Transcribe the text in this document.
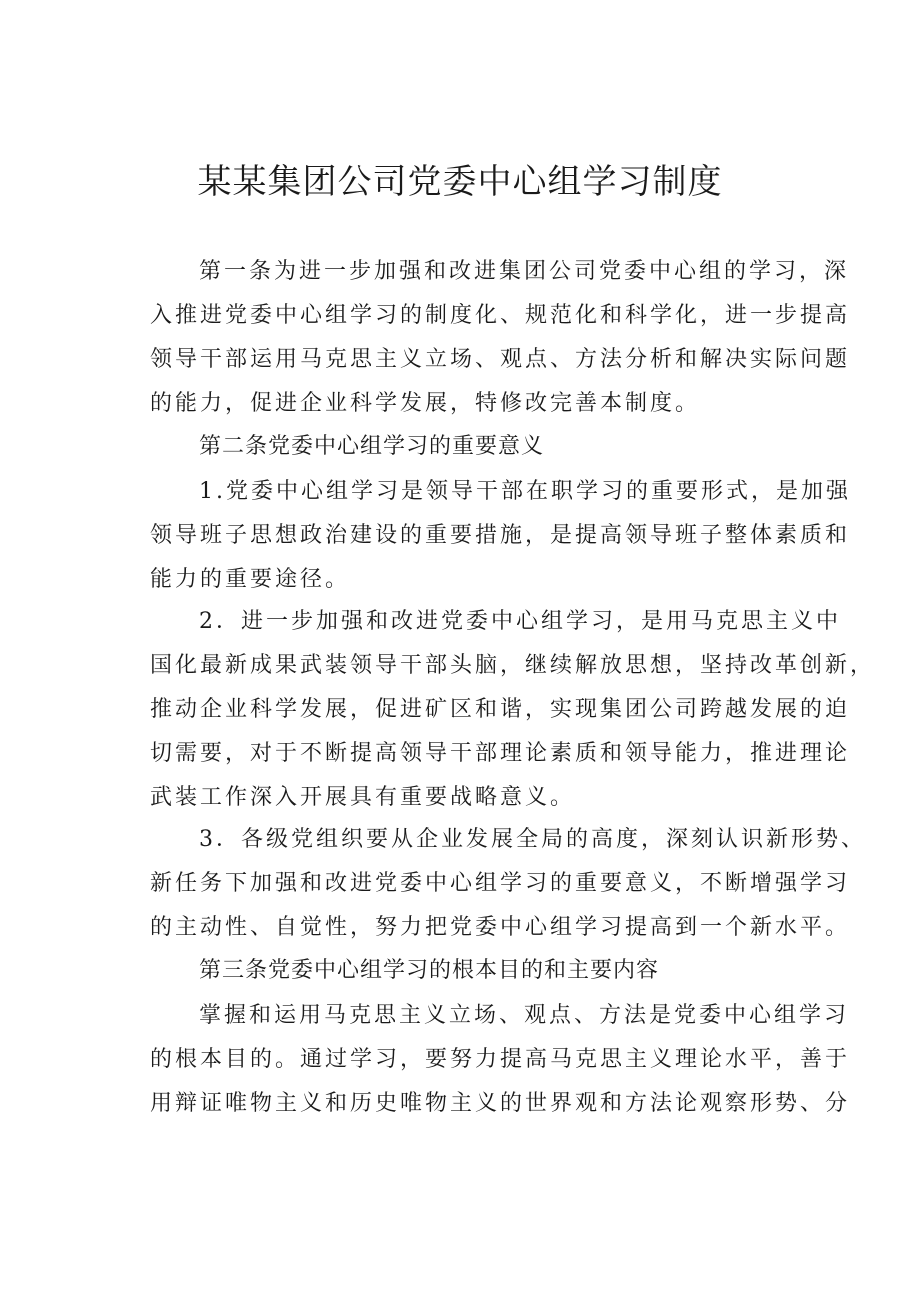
某某集团公司党委中心组学习制度
第一条为进一步加强和改进集团公司党委中心组的学习，深
入推进党委中心组学习的制度化、规范化和科学化，进一步提高
领导干部运用马克思主义立场、观点、方法分析和解决实际问题
的能力，促进企业科学发展，特修改完善本制度。
第二条党委中心组学习的重要意义
1.党委中心组学习是领导干部在职学习的重要形式，是加强
领导班子思想政治建设的重要措施，是提高领导班子整体素质和
能力的重要途径。
2．进一步加强和改进党委中心组学习，是用马克思主义中
国化最新成果武装领导干部头脑，继续解放思想，坚持改革创新，
推动企业科学发展，促进矿区和谐，实现集团公司跨越发展的迫
切需要，对于不断提高领导干部理论素质和领导能力，推进理论
武装工作深入开展具有重要战略意义。
3．各级党组织要从企业发展全局的高度，深刻认识新形势、
新任务下加强和改进党委中心组学习的重要意义，不断增强学习
的主动性、自觉性，努力把党委中心组学习提高到一个新水平。
第三条党委中心组学习的根本目的和主要内容
掌握和运用马克思主义立场、观点、方法是党委中心组学习
的根本目的。通过学习，要努力提高马克思主义理论水平，善于
用辩证唯物主义和历史唯物主义的世界观和方法论观察形势、分
